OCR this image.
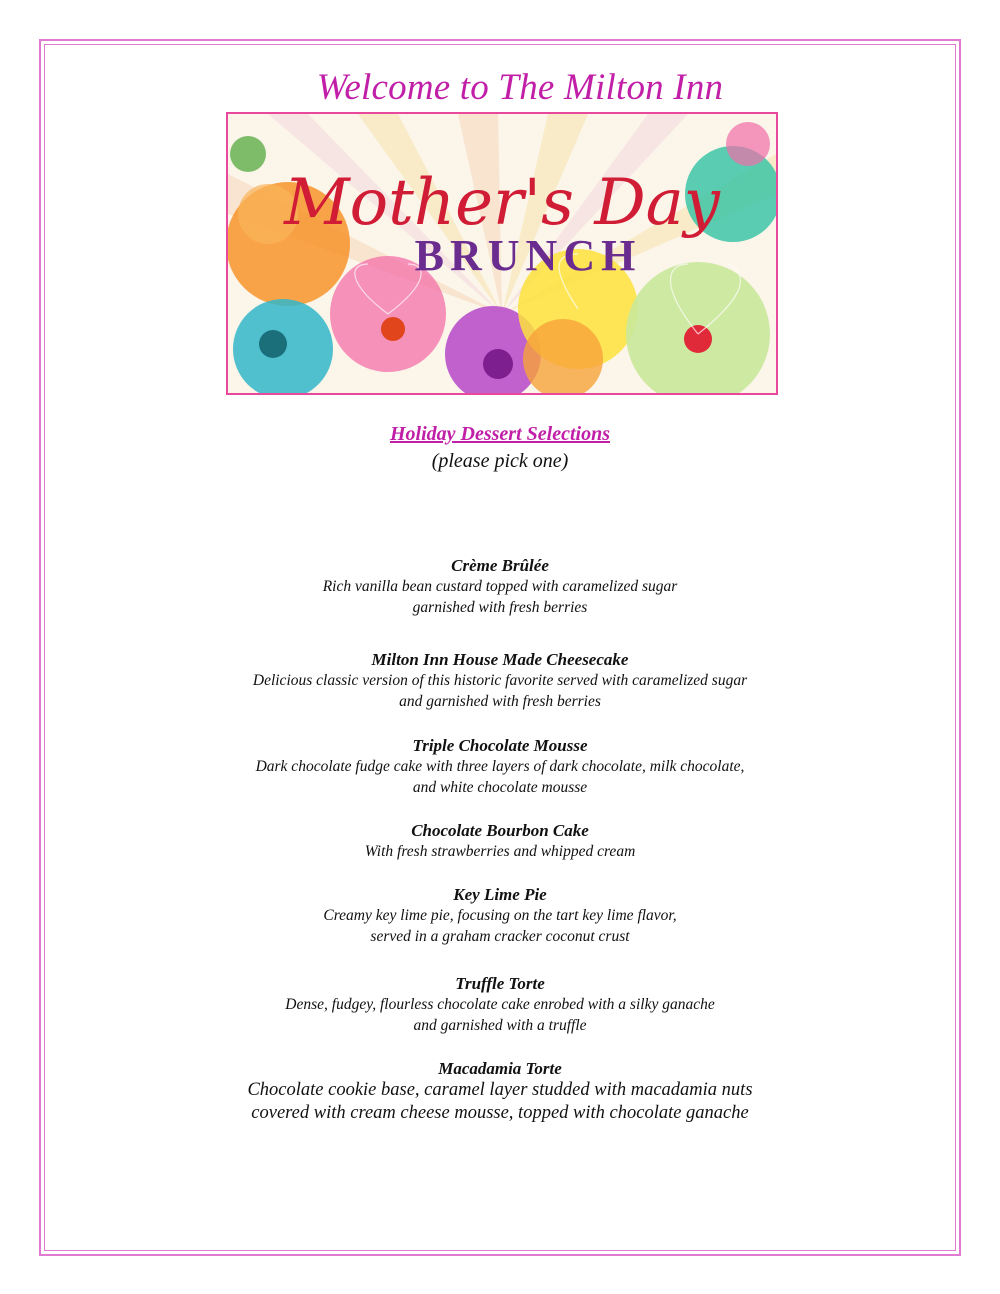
Welcome to The Milton Inn
Mother's Day
BRUNCH
Holiday Dessert Selections
(please pick one)
Crème Brûlée
Rich vanilla bean custard topped with caramelized sugar
garnished with fresh berries
Milton Inn House Made Cheesecake
Delicious classic version of this historic favorite served with caramelized sugar
and garnished with fresh berries
Triple Chocolate Mousse
Dark chocolate fudge cake with three layers of dark chocolate, milk chocolate,
and white chocolate mousse
Chocolate Bourbon Cake
With fresh strawberries and whipped cream
Key Lime Pie
Creamy key lime pie, focusing on the tart key lime flavor,
served in a graham cracker coconut crust
Truffle Torte
Dense, fudgey, flourless chocolate cake enrobed with a silky ganache
and garnished with a truffle
Macadamia Torte
Chocolate cookie base, caramel layer studded with macadamia nuts
covered with cream cheese mousse, topped with chocolate ganache
